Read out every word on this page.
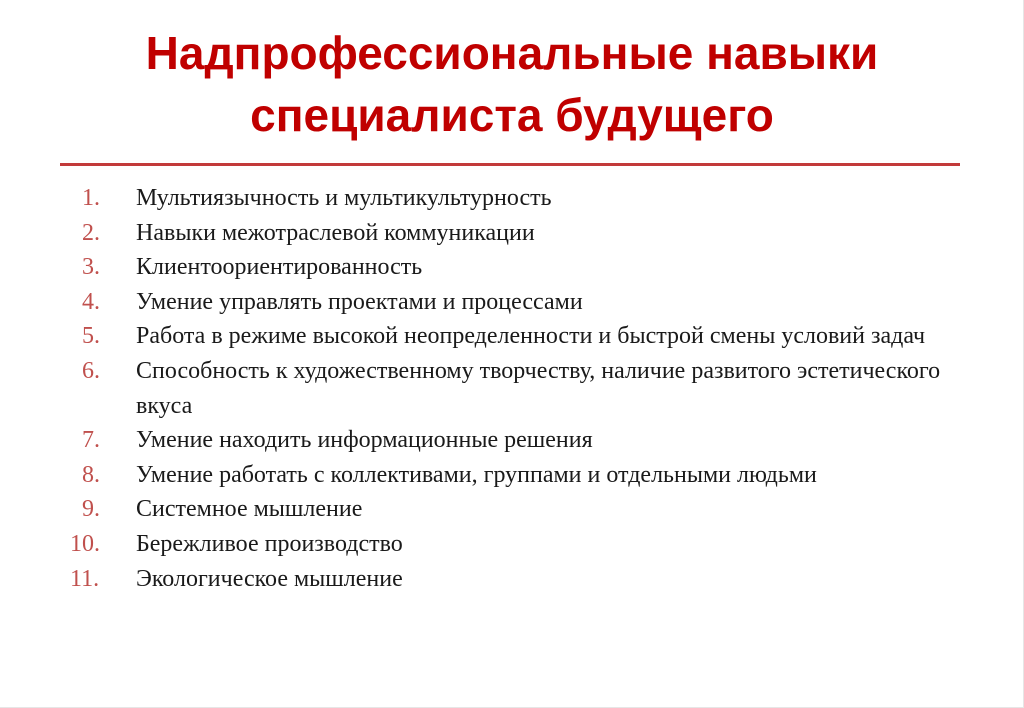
Надпрофессиональные навыки
специалиста будущего
1. Мультиязычность и мультикультурность
2. Навыки межотраслевой коммуникации
3. Клиентоориентированность
4. Умение управлять проектами и процессами
5. Работа в режиме высокой неопределенности и быстрой смены условий задач
6. Способность к художественному творчеству, наличие развитого эстетического вкуса
7. Умение находить информационные решения
8. Умение работать с коллективами, группами и отдельными людьми
9. Системное мышление
10. Бережливое производство
11. Экологическое мышление
